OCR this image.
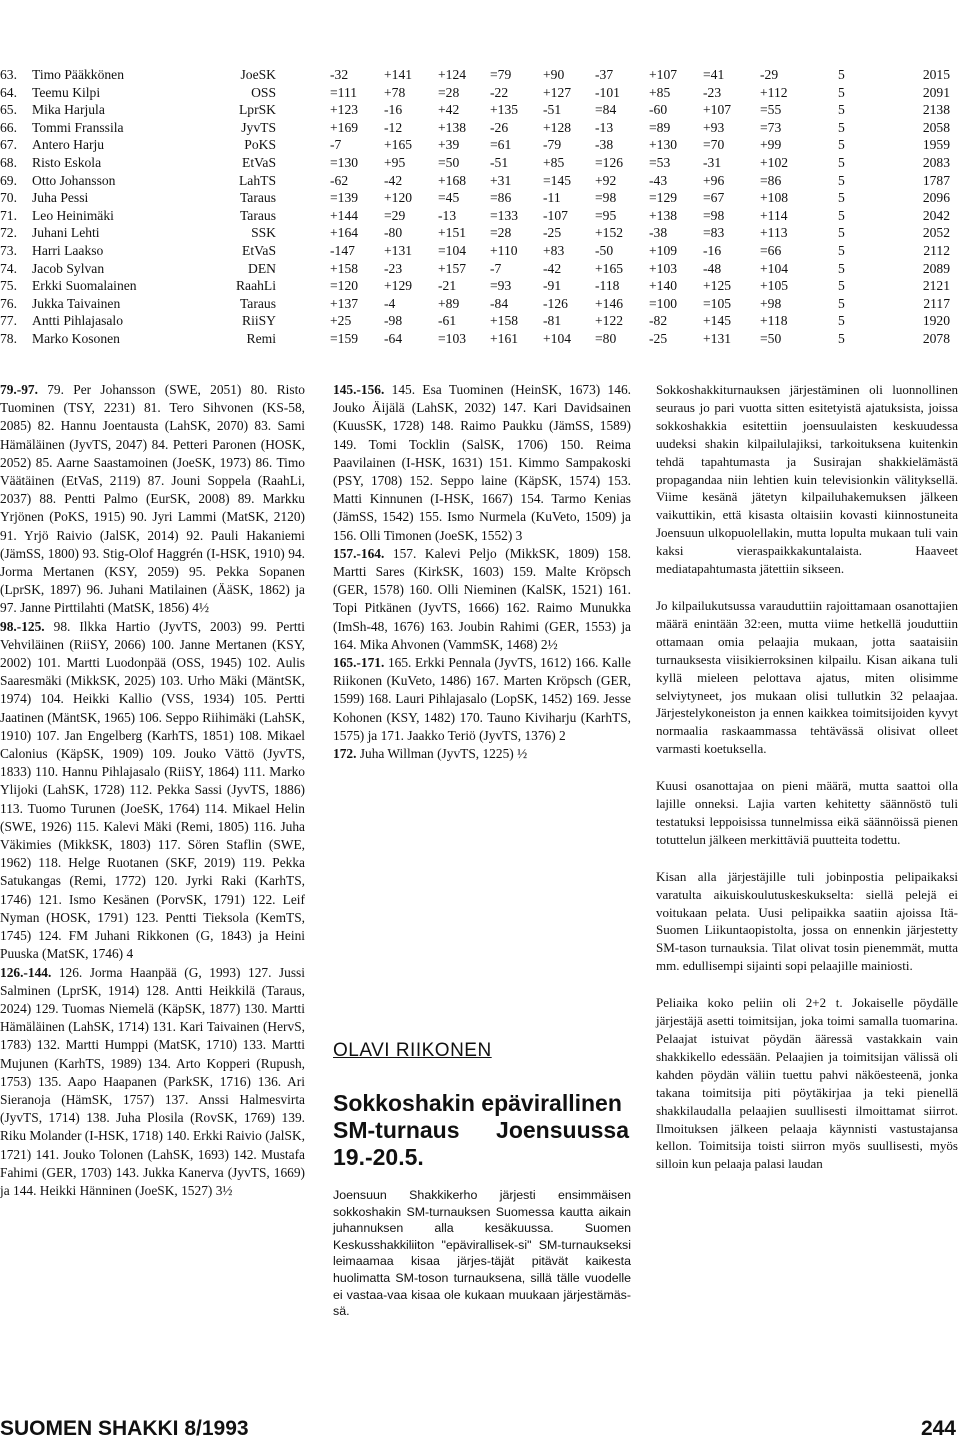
63. Timo Pääkkönen	JoeSK	-32	+141 +124 =79 +90 -37	+107 =41	-29	5	2015
64. Teemu Kilpi	OSS	=111 +78 =28 -22	+127 -101 +85 -23	+112	5	2091
65. Mika Harjula	LprSK	+123 -16	+42 +135 -51 =84 -60	+107 =55	5	2138
66. Tommi Franssila	JyvTS	+169 -12	+138 -26	+128 -13	=89 +93	=73	5	2058
67. Antero Harju	PoKS	-7	+165 +39 =61 -79 -38	+130 =70	+99	5	1959
68. Risto Eskola	EtVaS	=130 +95 =50 -51	+85 =126 =53 -31	+102	5	2083
69. Otto Johansson	LahTS	-62	-42	+168 +31 =145 +92 -43	+96	=86	5	1787
70. Juha Pessi	Taraus	=139 +120 =45 =86 -11	=98 =129 =67	+108	5	2096
71. Leo Heinimäki	Taraus	+144 =29 -13 =133 -107 =95 +138 =98	+114	5	2042
72. Juhani Lehti	SSK	+164 -80	+151 =28 -25 +152 -38	=83	+113	5	2052
73. Harri Laakso	EtVaS	-147 +131 =104 +110 +83 -50	+109 -16	=66	5	2112
74. Jacob Sylvan	DEN	+158 -23	+157 -7	-42 +165 +103 -48	+104	5	2089
75. Erkki Suomalainen	RaahLi	=120 +129 -21 =93 -91 -118 +140 +125 +105	5	2121
76. Jukka Taivainen	Taraus	+137 -4	+89 -84	-126 +146 =100 =105 +98	5	2117
77. Antti Pihlajasalo	RiiSY	+25 -98	-61 +158 -81 +122 -82	+145 +118	5	1920
78. Marko Kosonen	Remi	=159 -64	=103 +161 +104 =80 -25	+131 =50	5	2078

79.-97. 79. Per Johansson (SWE, 2051) 80. Risto Tuominen (TSY, 2231) 81. Tero Sihvonen (KS-58, 2085) 82. Hannu Joentausta (LahSK, 2070) 83. Sami Hämäläinen (JyvTS, 2047) 84. Petteri Paronen (HOSK, 2052) 85. Aarne Saastamoinen (JoeSK, 1973) 86. Timo Väätäinen (EtVaS, 2119) 87. Jouni Soppela (RaahLi, 2037) 88. Pentti Palmo (EurSK, 2008) 89. Markku Yrjönen (PoKS, 1915) 90. Jyri Lammi (MatSK, 2120) 91. Yrjö Raivio (JalSK, 2014) 92. Pauli Hakaniemi (JämSS, 1800) 93. Stig-Olof Haggrén (I-HSK, 1910) 94. Jorma Mertanen (KSY, 2059) 95. Pekka Sopanen (LprSK, 1897) 96. Juhani Matilainen (ÄäSK, 1862) ja 97. Janne Pirttilahti (MatSK, 1856) 4½

98.-125. 98. Ilkka Hartio (JyvTS, 2003) 99. Pertti Vehviläinen (RiiSY, 2066) 100. Janne Mertanen (KSY, 2002) 101. Martti Luodonpää (OSS, 1945) 102. Aulis Saaresmäki (MikkSK, 2025) 103. Urho Mäki (MäntSK, 1974) 104. Heikki Kallio (VSS, 1934) 105. Pertti Jaatinen (MäntSK, 1965) 106. Seppo Riihimäki (LahSK, 1910) 107. Jan Engelberg (KarhTS, 1851) 108. Mikael Calonius (KäpSK, 1909) 109. Jouko Vättö (JyvTS, 1833) 110. Hannu Pihlajasalo (RiiSY, 1864) 111. Marko Ylijoki (LahSK, 1728) 112. Pekka Sassi (JyvTS, 1886) 113. Tuomo Turunen (JoeSK, 1764) 114. Mikael Helin (SWE, 1926) 115. Kalevi Mäki (Remi, 1805) 116. Juha Väkimies (MikkSK, 1803) 117. Sören Staflin (SWE, 1962) 118. Helge Ruotanen (SKF, 2019) 119. Pekka Satukangas (Remi, 1772) 120. Jyrki Raki (KarhTS, 1746) 121. Ismo Kesänen (PorvSK, 1791) 122. Leif Nyman (HOSK, 1791) 123. Pentti Tieksola (KemTS, 1745) 124. FM Juhani Rikkonen (G, 1843) ja Heini Puuska (MatSK, 1746) 4

126.-144. 126. Jorma Haanpää (G, 1993) 127. Jussi Salminen (LprSK, 1914) 128. Antti Heikkilä (Taraus, 2024) 129. Tuomas Niemelä (KäpSK, 1877) 130. Martti Hämäläinen (LahSK, 1714) 131. Kari Taivainen (HervS, 1783) 132. Martti Humppi (MatSK, 1710) 133. Martti Mujunen (KarhTS, 1989) 134. Arto Kopperi (Rupush, 1753) 135. Aapo Haapanen (ParkSK, 1716) 136. Ari Sieranoja (HämSK, 1757) 137. Anssi Halmesvirta (JyvTS, 1714) 138. Juha Plosila (RovSK, 1769) 139. Riku Molander (I-HSK, 1718) 140. Erkki Raivio (JalSK, 1721) 141. Jouko Tolonen (LahSK, 1693) 142. Mustafa Fahimi (GER, 1703) 143. Jukka Kanerva (JyvTS, 1669) ja 144. Heikki Hänninen (JoeSK, 1527) 3½

145.-156. 145. Esa Tuominen (HeinSK, 1673) 146. Jouko Äijälä (LahSK, 2032) 147. Kari Davidsainen (KuusSK, 1728) 148. Raimo Paukku (JämSS, 1589) 149. Tomi Tocklin (SalSK, 1706) 150. Reima Paavilainen (I-HSK, 1631) 151. Kimmo Sampakoski (PSY, 1708) 152. Seppo laine (KäpSK, 1574) 153. Matti Kinnunen (I-HSK, 1667) 154. Tarmo Kenias (JämSS, 1542) 155. Ismo Nurmela (KuVeto, 1509) ja 156. Olli Timonen (JoeSK, 1552) 3

157.-164. 157. Kalevi Peljo (MikkSK, 1809) 158. Martti Sares (KirkSK, 1603) 159. Malte Kröpsch (GER, 1578) 160. Olli Nieminen (KalSK, 1521) 161. Topi Pitkänen (JyvTS, 1666) 162. Raimo Munukka (ImSh-48, 1676) 163. Joubin Rahimi (GER, 1553) ja 164. Mika Ahvonen (VammSK, 1468) 2½

165.-171. 165. Erkki Pennala (JyvTS, 1612) 166. Kalle Riikonen (KuVeto, 1486) 167. Marten Kröpsch (GER, 1599) 168. Lauri Pihlajasalo (LopSK, 1452) 169. Jesse Kohonen (KSY, 1482) 170. Tauno Kiviharju (KarhTS, 1575) ja 171. Jaakko Teriö (JyvTS, 1376) 2

172. Juha Willman (JyvTS, 1225) ½

OLAVI RIIKONEN
Sokkoshakin epävirallinen
SM-turnaus Joensuussa
19.-20.5.
Joensuun Shakkikerho järjesti ensimmäisen sokkoshakin SM-turnauksen Suomessa kautta aikain juhannuksen alla kesäkuussa. Suomen Keskusshakkiliiton "epävirallisek-si" SM-turnaukseksi leimaamaa kisaa järjes-täjät pitävät kaikesta huolimatta SM-toson turnauksena, sillä tälle vuodelle ei vastaa-vaa kisaa ole kukaan muukaan järjestämäs-sä.

Sokkoshakkiturnauksen järjestäminen oli luonnollinen seuraus jo pari vuotta sitten esitetyistä ajatuksista, joissa sokkoshakkia esitettiin joensuulaisten keskuudessa uudeksi shakin kilpailulajiksi, tarkoituksena kuitenkin tehdä tapahtumasta ja Susirajan shakkielämästä propagandaa niin lehtien kuin televisionkin välityksellä. Viime kesänä jätetyn kilpailuhakemuksen jälkeen vaikuttikin, että kisasta oltaisiin kovasti kiinnostuneita Joensuun ulkopuolellakin, mutta lopulta mukaan tuli vain kaksi vieraspaikkakuntalaista. Haaveet mediatapahtumasta jätettiin sikseen.

Jo kilpailukutsussa varauduttiin rajoittamaan osanottajien määrä enintään 32:een, mutta viime hetkellä jouduttiin ottamaan omia pelaajia mukaan, jotta saataisiin turnauksesta viisikierroksinen kilpailu. Kisan aikana tuli kyllä mieleen pelottava ajatus, miten olisimme selviytyneet, jos mukaan olisi tullutkin 32 pelaajaa. Järjestelykoneiston ja ennen kaikkea toimitsijoiden kyvyt normaalia raskaammassa tehtävässä olisivat olleet varmasti koetuksella.

Kuusi osanottajaa on pieni määrä, mutta saattoi olla lajille onneksi. Lajia varten kehitetty säännöstö tuli testatuksi leppoisissa tunnelmissa eikä säännöissä pienen totuttelun jälkeen merkittäviä puutteita todettu.

Kisan alla järjestäjille tuli jobinpostia pelipaikaksi varatulta aikuiskoulutuskeskukselta: siellä pelejä ei voitukaan pelata. Uusi pelipaikka saatiin ajoissa Itä-Suomen Liikuntaopistolta, jossa on ennenkin järjestetty SM-tason turnauksia. Tilat olivat tosin pienemmät, mutta mm. edullisempi sijainti sopi pelaajille mainiosti.

Peliaika koko peliin oli 2+2 t. Jokaiselle pöydälle järjestäjä asetti toimitsijan, joka toimi samalla tuomarina. Pelaajat istuivat pöydän ääressä vastakkain vain shakkikello edessään. Pelaajien ja toimitsijan välissä oli kahden pöydän väliin tuettu pahvi näköesteenä, jonka takana toimitsija piti pöytäkirjaa ja teki pienellä shakkilaudalla pelaajien suullisesti ilmoittamat siirrot. Ilmoituksen jälkeen pelaaja käynnisti vastustajansa kellon. Toimitsija toisti siirron myös suullisesti, myös silloin kun pelaaja palasi laudan

SUOMEN SHAKKI 8/1993	244
